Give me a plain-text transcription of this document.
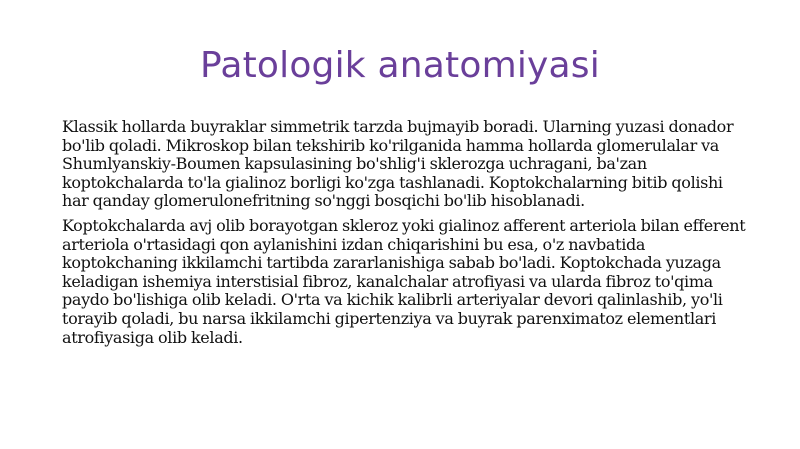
Patologik anatomiyasi

Klassik hollarda buyraklar simmetrik tarzda bujmayib boradi. Ularning yuzasi donador bo'lib qoladi. Mikroskop bilan tekshirib ko'rilganida hamma hollarda glomerulalar va Shumlyanskiy-Boumen kapsulasining bo'shlig'i sklerozga uchragani, ba'zan koptokchalarda to'la gialinoz borligi ko'zga tashlanadi. Koptokchalarning bitib qolishi har qanday glomerulonefritning so'nggi bosqichi bo'lib hisoblanadi.

Koptokchalarda avj olib borayotgan skleroz yoki gialinoz afferent arteriola bilan efferent arteriola o'rtasidagi qon aylanishini izdan chiqarishini bu esa, o'z navbatida koptokchaning ikkilamchi tartibda zararlanishiga sabab bo'ladi. Koptokchada yuzaga keladigan ishemiya interstisial fibroz, kanalchalar atrofiyasi va ularda fibroz to'qima paydo bo'lishiga olib keladi. O'rta va kichik kalibrli arteriyalar devori qalinlashib, yo'li torayib qoladi, bu narsa ikkilamchi gipertenziya va buyrak parenximatoz elementlari atrofiyasiga olib keladi.
